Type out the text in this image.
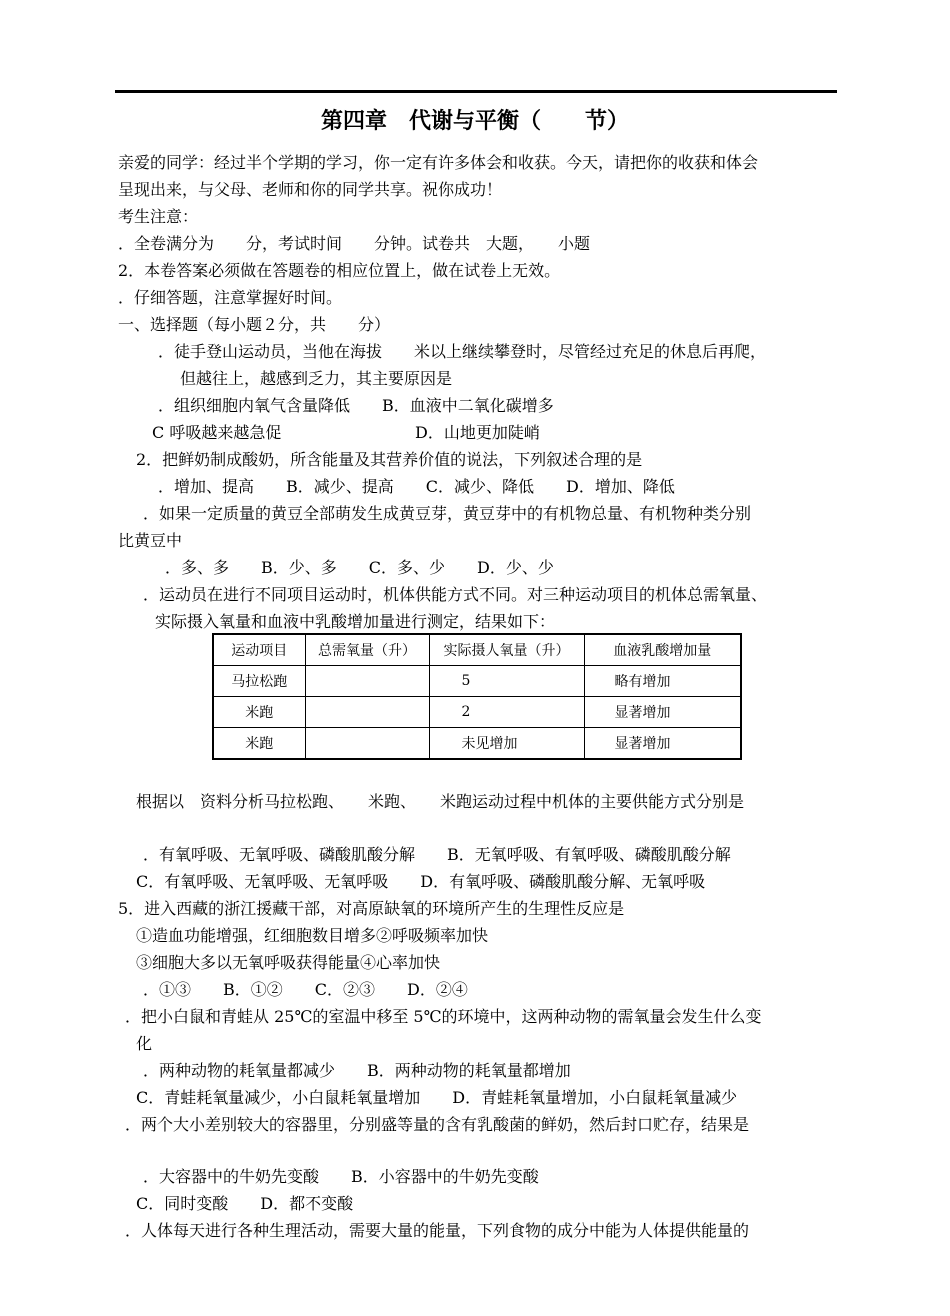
第四章　代谢与平衡（　　节）
亲爱的同学：经过半个学期的学习，你一定有许多体会和收获。今天，请把你的收获和体会
呈现出来，与父母、老师和你的同学共享。祝你成功！
考生注意：
．全卷满分为　　分，考试时间　　分钟。试卷共　大题，　　小题
2．本卷答案必须做在答题卷的相应位置上，做在试卷上无效。
．仔细答题，注意掌握好时间。
一、选择题（每小题２分，共　　分）
．徒手登山运动员，当他在海拔　　米以上继续攀登时，尽管经过充足的休息后再爬，
但越往上，越感到乏力，其主要原因是
．组织细胞内氧气含量降低　　B．血液中二氧化碳增多
C 呼吸越来越急促	D．山地更加陡峭
2．把鲜奶制成酸奶，所含能量及其营养价值的说法，下列叙述合理的是
．增加、提高　　B．减少、提高　　C．减少、降低　　D．增加、降低
．如果一定质量的黄豆全部萌发生成黄豆芽，黄豆芽中的有机物总量、有机物种类分别
比黄豆中
．多、多　　B．少、多　　C．多、少　　D．少、少
．运动员在进行不同项目运动时，机体供能方式不同。对三种运动项目的机体总需氧量、
实际摄入氧量和血液中乳酸增加量进行测定，结果如下：
运动项目	总需氧量（升）	实际摄人氧量（升）	血液乳酸增加量
马拉松跑		5	略有增加
米跑		2	显著增加
米跑		未见增加	显著增加
根据以　资料分析马拉松跑、　　米跑、　　米跑运动过程中机体的主要供能方式分别是
．有氧呼吸、无氧呼吸、磷酸肌酸分解　　B．无氧呼吸、有氧呼吸、磷酸肌酸分解
C．有氧呼吸、无氧呼吸、无氧呼吸　　D．有氧呼吸、磷酸肌酸分解、无氧呼吸
5．进入西藏的浙江援藏干部，对高原缺氧的环境所产生的生理性反应是
①造血功能增强，红细胞数目增多②呼吸频率加快
③细胞大多以无氧呼吸获得能量④心率加快
．①③　　B．①②　　C．②③　　D．②④
．把小白鼠和青蛙从 25℃的室温中移至 5℃的环境中，这两种动物的需氧量会发生什么变
化
．两种动物的耗氧量都减少　　B．两种动物的耗氧量都增加
C．青蛙耗氧量减少，小白鼠耗氧量增加　　D．青蛙耗氧量增加，小白鼠耗氧量减少
．两个大小差别较大的容器里，分别盛等量的含有乳酸菌的鲜奶，然后封口贮存，结果是
．大容器中的牛奶先变酸　　B．小容器中的牛奶先变酸
C．同时变酸　　D．都不变酸
．人体每天进行各种生理活动，需要大量的能量，下列食物的成分中能为人体提供能量的
